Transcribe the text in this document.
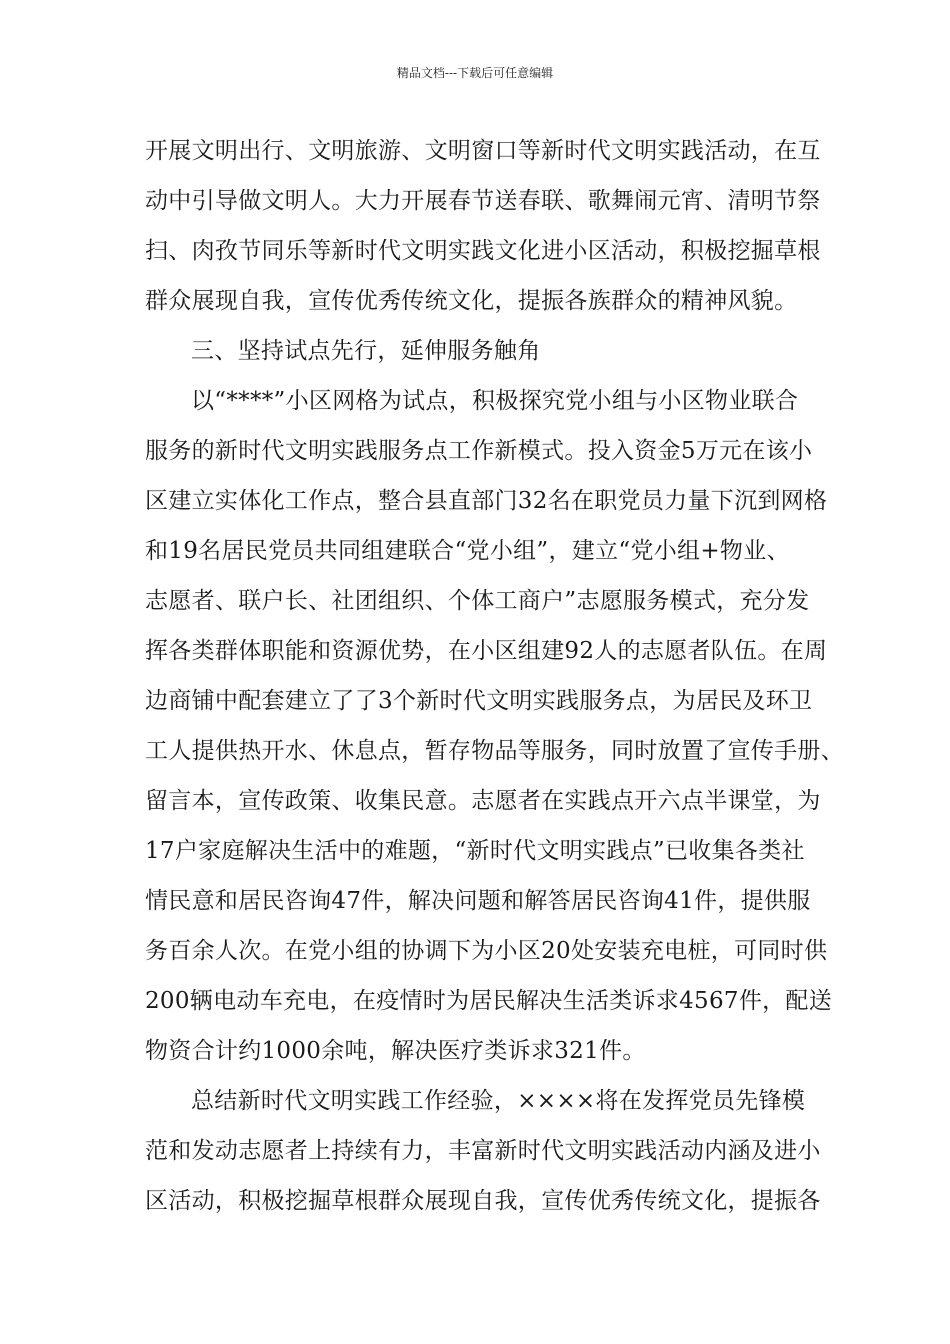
精品文档---下载后可任意编辑
开展文明出行、文明旅游、文明窗口等新时代文明实践活动，在互
动中引导做文明人。大力开展春节送春联、歌舞闹元宵、清明节祭
扫、肉孜节同乐等新时代文明实践文化进小区活动，积极挖掘草根
群众展现自我，宣传优秀传统文化，提振各族群众的精神风貌。
三、坚持试点先行，延伸服务触角
以“****”小区网格为试点，积极探究党小组与小区物业联合
服务的新时代文明实践服务点工作新模式。投入资金5万元在该小
区建立实体化工作点，整合县直部门32名在职党员力量下沉到网格
和19名居民党员共同组建联合“党小组”，建立“党小组+物业、
志愿者、联户长、社团组织、个体工商户”志愿服务模式，充分发
挥各类群体职能和资源优势，在小区组建92人的志愿者队伍。在周
边商铺中配套建立了了3个新时代文明实践服务点，为居民及环卫
工人提供热开水、休息点，暂存物品等服务，同时放置了宣传手册、
留言本，宣传政策、收集民意。志愿者在实践点开六点半课堂，为
17户家庭解决生活中的难题，“新时代文明实践点”已收集各类社
情民意和居民咨询47件，解决问题和解答居民咨询41件，提供服
务百余人次。在党小组的协调下为小区20处安装充电桩，可同时供
200辆电动车充电，在疫情时为居民解决生活类诉求4567件，配送
物资合计约1000余吨，解决医疗类诉求321件。
总结新时代文明实践工作经验，××××将在发挥党员先锋模
范和发动志愿者上持续有力，丰富新时代文明实践活动内涵及进小
区活动，积极挖掘草根群众展现自我，宣传优秀传统文化，提振各
